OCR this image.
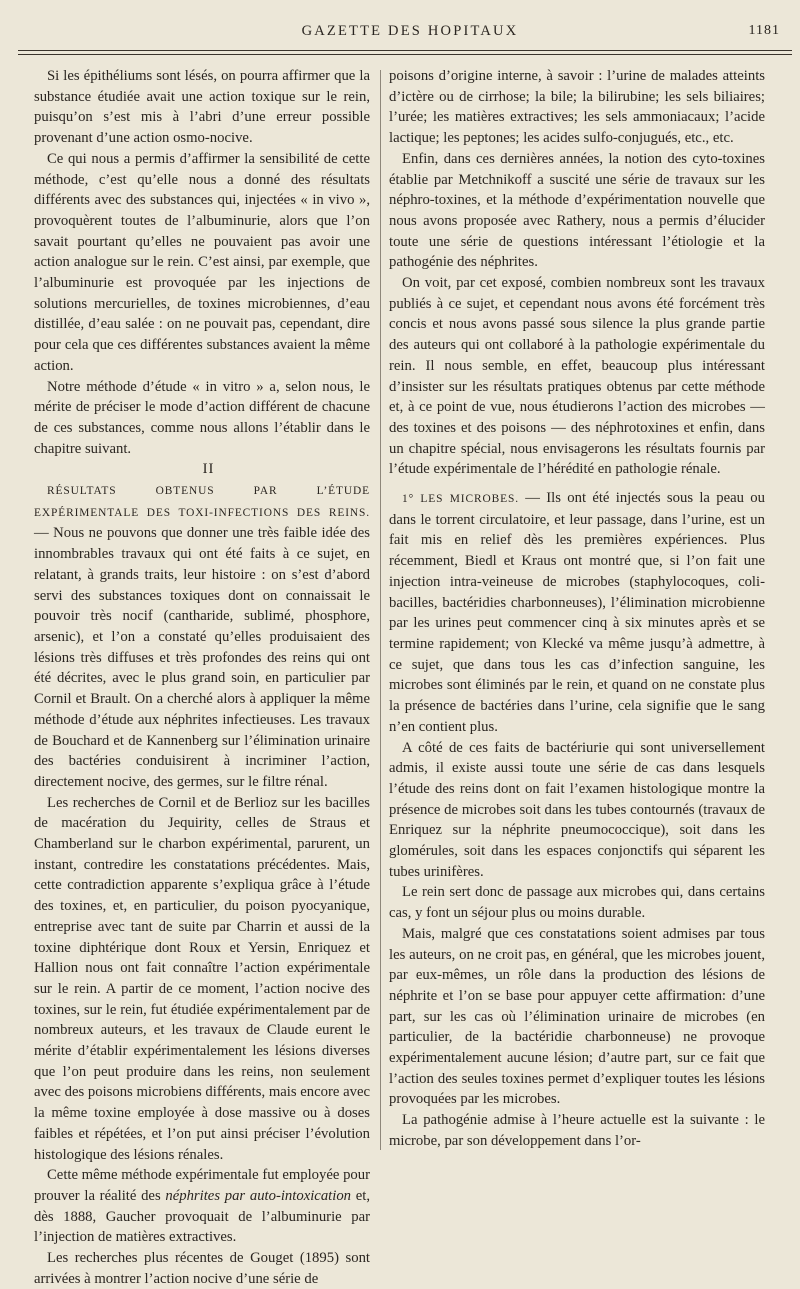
GAZETTE DES HOPITAUX	1181

Si les épithéliums sont lésés, on pourra affirmer que la substance étudiée avait une action toxique sur le rein, puisqu’on s’est mis à l’abri d’une erreur possible provenant d’une action osmo-nocive.

Ce qui nous a permis d’affirmer la sensibilité de cette méthode, c’est qu’elle nous a donné des résultats différents avec des substances qui, injectées « in vivo », provoquèrent toutes de l’albuminurie, alors que l’on savait pourtant qu’elles ne pouvaient pas avoir une action analogue sur le rein. C’est ainsi, par exemple, que l’albuminurie est provoquée par les injections de solutions mercurielles, de toxines microbiennes, d’eau distillée, d’eau salée : on ne pouvait pas, cependant, dire pour cela que ces différentes substances avaient la même action.

Notre méthode d’étude « in vitro » a, selon nous, le mérite de préciser le mode d’action différent de chacune de ces substances, comme nous allons l’établir dans le chapitre suivant.

II

RÉSULTATS OBTENUS PAR L’ÉTUDE EXPÉRIMENTALE DES TOXI-INFECTIONS DES REINS. — Nous ne pouvons que donner une très faible idée des innombrables travaux qui ont été faits à ce sujet, en relatant, à grands traits, leur histoire : on s’est d’abord servi des substances toxiques dont on connaissait le pouvoir très nocif (cantharide, sublimé, phosphore, arsenic), et l’on a constaté qu’elles produisaient des lésions très diffuses et très profondes des reins qui ont été décrites, avec le plus grand soin, en particulier par Cornil et Brault. On a cherché alors à appliquer la même méthode d’étude aux néphrites infectieuses. Les travaux de Bouchard et de Kannenberg sur l’élimination urinaire des bactéries conduisirent à incriminer l’action, directement nocive, des germes, sur le filtre rénal.

Les recherches de Cornil et de Berlioz sur les bacilles de macération du Jequirity, celles de Straus et Chamberland sur le charbon expérimental, parurent, un instant, contredire les constatations précédentes. Mais, cette contradiction apparente s’expliqua grâce à l’étude des toxines, et, en particulier, du poison pyocyanique, entreprise avec tant de suite par Charrin et aussi de la toxine diphtérique dont Roux et Yersin, Enriquez et Hallion nous ont fait connaître l’action expérimentale sur le rein. A partir de ce moment, l’action nocive des toxines, sur le rein, fut étudiée expérimentalement par de nombreux auteurs, et les travaux de Claude eurent le mérite d’établir expérimentalement les lésions diverses que l’on peut produire dans les reins, non seulement avec des poisons microbiens différents, mais encore avec la même toxine employée à dose massive ou à doses faibles et répétées, et l’on put ainsi préciser l’évolution histologique des lésions rénales.

Cette même méthode expérimentale fut employée pour prouver la réalité des néphrites par auto-intoxication et, dès 1888, Gaucher provoquait de l’albuminurie par l’injection de matières extractives.

Les recherches plus récentes de Gouget (1895) sont arrivées à montrer l’action nocive d’une série de

poisons d’origine interne, à savoir : l’urine de malades atteints d’ictère ou de cirrhose; la bile; la bilirubine; les sels biliaires; l’urée; les matières extractives; les sels ammoniacaux; l’acide lactique; les peptones; les acides sulfo-conjugués, etc., etc.

Enfin, dans ces dernières années, la notion des cyto-toxines établie par Metchnikoff a suscité une série de travaux sur les néphro-toxines, et la méthode d’expérimentation nouvelle que nous avons proposée avec Rathery, nous a permis d’élucider toute une série de questions intéressant l’étiologie et la pathogénie des néphrites.

On voit, par cet exposé, combien nombreux sont les travaux publiés à ce sujet, et cependant nous avons été forcément très concis et nous avons passé sous silence la plus grande partie des auteurs qui ont collaboré à la pathologie expérimentale du rein. Il nous semble, en effet, beaucoup plus intéressant d’insister sur les résultats pratiques obtenus par cette méthode et, à ce point de vue, nous étudierons l’action des microbes — des toxines et des poisons — des néphrotoxines et enfin, dans un chapitre spécial, nous envisagerons les résultats fournis par l’étude expérimentale de l’hérédité en pathologie rénale.

1° LES MICROBES. — Ils ont été injectés sous la peau ou dans le torrent circulatoire, et leur passage, dans l’urine, est un fait mis en relief dès les premières expériences. Plus récemment, Biedl et Kraus ont montré que, si l’on fait une injection intra-veineuse de microbes (staphylocoques, coli-bacilles, bactéridies charbonneuses), l’élimination microbienne par les urines peut commencer cinq à six minutes après et se termine rapidement; von Klecké va même jusqu’à admettre, à ce sujet, que dans tous les cas d’infection sanguine, les microbes sont éliminés par le rein, et quand on ne constate plus la présence de bactéries dans l’urine, cela signifie que le sang n’en contient plus.

A côté de ces faits de bactériurie qui sont universellement admis, il existe aussi toute une série de cas dans lesquels l’étude des reins dont on fait l’examen histologique montre la présence de microbes soit dans les tubes contournés (travaux de Enriquez sur la néphrite pneumococcique), soit dans les glomérules, soit dans les espaces conjonctifs qui séparent les tubes urinifères.

Le rein sert donc de passage aux microbes qui, dans certains cas, y font un séjour plus ou moins durable.

Mais, malgré que ces constatations soient admises par tous les auteurs, on ne croit pas, en général, que les microbes jouent, par eux-mêmes, un rôle dans la production des lésions de néphrite et l’on se base pour appuyer cette affirmation: d’une part, sur les cas où l’élimination urinaire de microbes (en particulier, de la bactéridie charbonneuse) ne provoque expérimentalement aucune lésion; d’autre part, sur ce fait que l’action des seules toxines permet d’expliquer toutes les lésions provoquées par les microbes.

La pathogénie admise à l’heure actuelle est la suivante : le microbe, par son développement dans l’or-
